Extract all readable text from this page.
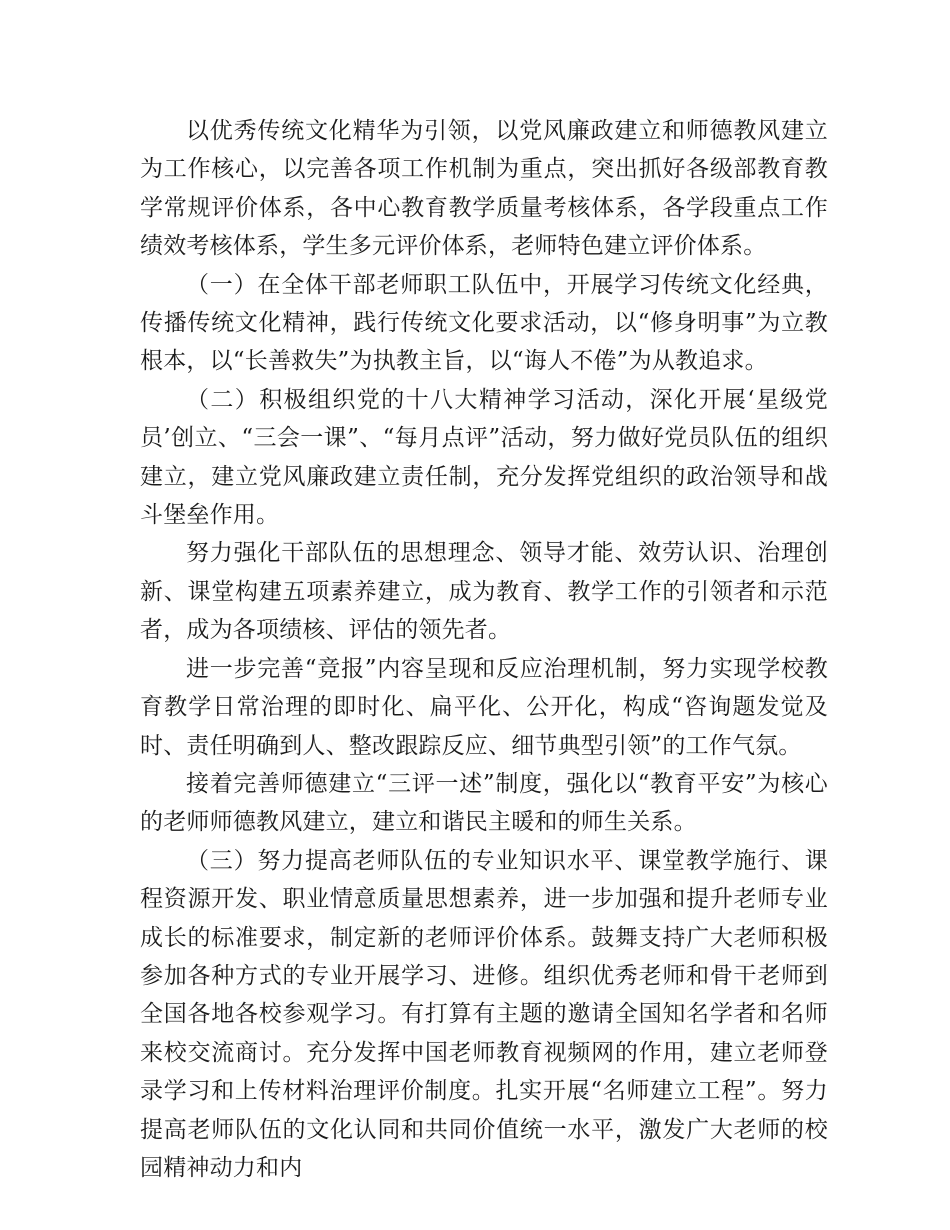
以优秀传统文化精华为引领，以党风廉政建立和师德教风建立为工作核心，以完善各项工作机制为重点，突出抓好各级部教育教学常规评价体系，各中心教育教学质量考核体系，各学段重点工作绩效考核体系，学生多元评价体系，老师特色建立评价体系。

（一）在全体干部老师职工队伍中，开展学习传统文化经典，传播传统文化精神，践行传统文化要求活动，以“修身明事”为立教根本，以“长善救失”为执教主旨，以“诲人不倦”为从教追求。

（二）积极组织党的十八大精神学习活动，深化开展‘星级党员’创立、“三会一课”、“每月点评”活动，努力做好党员队伍的组织建立，建立党风廉政建立责任制，充分发挥党组织的政治领导和战斗堡垒作用。

努力强化干部队伍的思想理念、领导才能、效劳认识、治理创新、课堂构建五项素养建立，成为教育、教学工作的引领者和示范者，成为各项绩核、评估的领先者。

进一步完善“竞报”内容呈现和反应治理机制，努力实现学校教育教学日常治理的即时化、扁平化、公开化，构成“咨询题发觉及时、责任明确到人、整改跟踪反应、细节典型引领”的工作气氛。

接着完善师德建立“三评一述”制度，强化以“教育平安”为核心的老师师德教风建立，建立和谐民主暖和的师生关系。

（三）努力提高老师队伍的专业知识水平、课堂教学施行、课程资源开发、职业情意质量思想素养，进一步加强和提升老师专业成长的标准要求，制定新的老师评价体系。鼓舞支持广大老师积极参加各种方式的专业开展学习、进修。组织优秀老师和骨干老师到全国各地各校参观学习。有打算有主题的邀请全国知名学者和名师来校交流商讨。充分发挥中国老师教育视频网的作用，建立老师登录学习和上传材料治理评价制度。扎实开展“名师建立工程”。努力提高老师队伍的文化认同和共同价值统一水平，激发广大老师的校园精神动力和内
